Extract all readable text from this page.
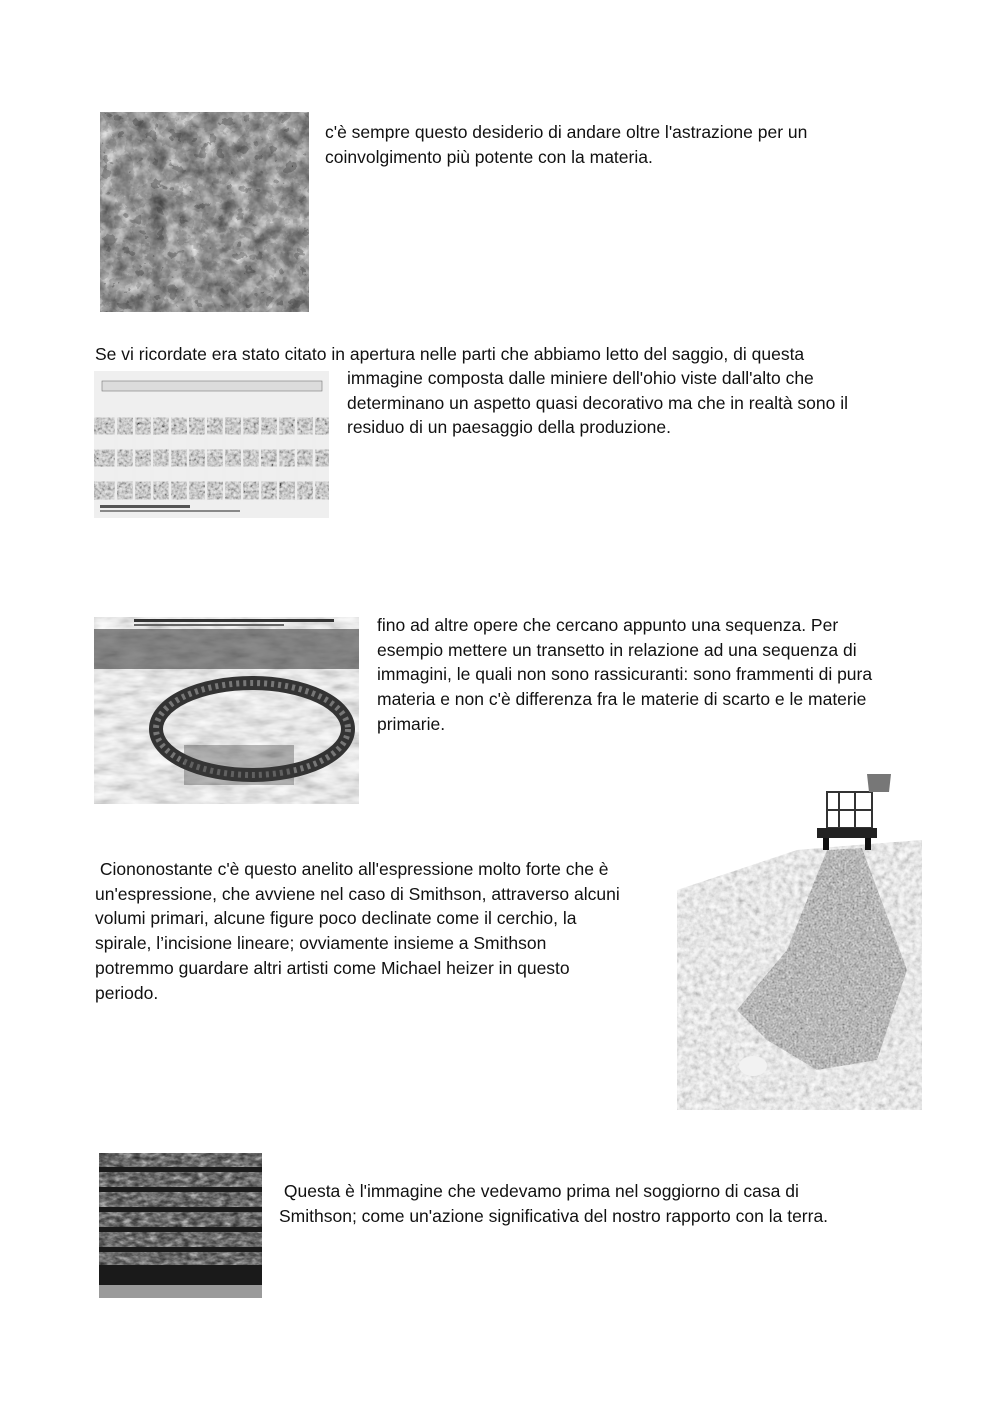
c'è sempre questo desiderio di andare oltre l'astrazione per un
coinvolgimento più potente con la materia.
Se vi ricordate era stato citato in apertura nelle parti che abbiamo letto del saggio, di questa
immagine composta dalle miniere dell'ohio viste dall'alto che
determinano un aspetto quasi decorativo ma che in realtà sono il
residuo di un paesaggio della produzione.
fino ad altre opere che cercano appunto una sequenza. Per
esempio mettere un transetto in relazione ad una sequenza di
immagini, le quali non sono rassicuranti: sono frammenti di pura
materia e non c'è differenza fra le materie di scarto e le materie
primarie.
Ciononostante c'è questo anelito all'espressione molto forte che è
un'espressione, che avviene nel caso di Smithson, attraverso alcuni
volumi primari, alcune figure poco declinate come il cerchio, la
spirale, l’incisione lineare; ovviamente insieme a Smithson
potremmo guardare altri artisti come Michael heizer in questo
periodo.
Questa è l'immagine che vedevamo prima nel soggiorno di casa di
Smithson; come un'azione significativa del nostro rapporto con la terra.
